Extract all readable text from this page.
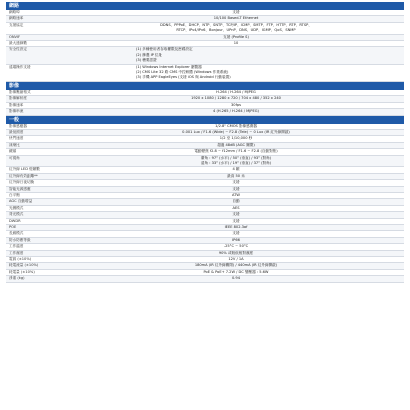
網路
網路埠	支援
網路速率	10/100 Based-T Ethernet
支援協定	DDNS、PPPoE、DHCP、NTP、SNTP、TCP/IP、ICMP、SMTP、FTP、HTTP、RTP、RTSP、
RTCP、IPv4/IPv6、Bonjour、UPnP、DNS、UDP、IGMP、QoS、SNMP
ONVIF	支援 (Profile S)
最大連線數	10
安全性設定	(1) 多種使用者存取權限及密碼設定
(2) 篩選 IP 位址
(3) 稽要認證
遠端操作支援	(1) Windows Internet Explorer 瀏覽器
(2) CMS Lite 32 路 CMS 中控軟體 (Windows 作業系統)
(3) 手機 APP EagleEyes (支援 iOS 與 Android 行動裝置)
影像
影像壓縮格式	H.264 / H.264 / MJPEG
影像解析度	1920 x 1080 / 1280 x 720 / 704 x 480 / 352 x 240
影像速率	30fps
影像串流	4 (H.265 / H.264 / MJPEG)
一般
影像感應器	1/2.8" CMOS 影像感測器
最低照度	0.001 Lux / F1.6 (Wide) ~ F2.8 (Tele) ~ 0 Lux (IR 紅外線開啟)
快門速度	1/2 至 1/10,000 秒
訊噪比	超過 48dB (AGC 關閉)
鏡頭	電動變焦 f2.8 ~ f12mm / F1.6 ~ F2.8 (自動對焦)
可視角	廣角 : 97° (水平) / 50° (垂直) / 93° (對角)
遠角 : 33° (水平) / 19° (垂直) / 37° (對角)
紅外線 LED 燈顆數	4 顆
紅外線有效距離**	最高 50 米
紅外線日夜切換	支援
智能光源感應	支援
白平衡	ATW
AGC 自動增益	自動
光圈模式	AES
背光模式	支援
DWDR	支援
POE	IEEE 802.3af
長廊模式	支援
防水防塵等級	IP66
工作溫度	-25°C ~ 50°C
工作濕度	90% 或較低相對濕度
電源 (±10%)	12V / 1A
耗電流量 (±10%)	180mA (IR 紅外線關閉) / 440mA (IR 紅外線開啟)
耗電量 (±10%)	PoE & PoE+ 7.2W / DC 變壓器 : 5.6W
淨重 (kg)	0.94
